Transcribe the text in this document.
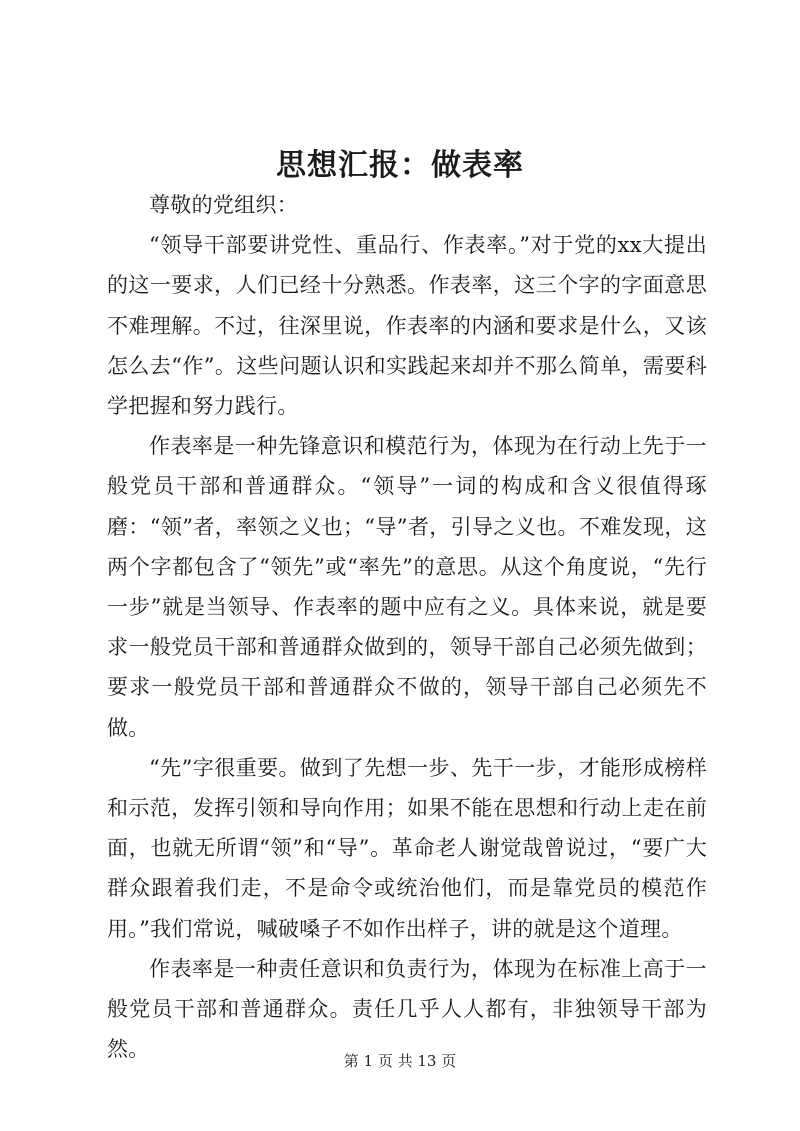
思想汇报：做表率

尊敬的党组织：

“领导干部要讲党性、重品行、作表率。”对于党的xx大提出的这一要求，人们已经十分熟悉。作表率，这三个字的字面意思不难理解。不过，往深里说，作表率的内涵和要求是什么，又该怎么去“作”。这些问题认识和实践起来却并不那么简单，需要科学把握和努力践行。

作表率是一种先锋意识和模范行为，体现为在行动上先于一般党员干部和普通群众。“领导”一词的构成和含义很值得琢磨：“领”者，率领之义也；“导”者，引导之义也。不难发现，这两个字都包含了“领先”或“率先”的意思。从这个角度说，“先行一步”就是当领导、作表率的题中应有之义。具体来说，就是要求一般党员干部和普通群众做到的，领导干部自己必须先做到；要求一般党员干部和普通群众不做的，领导干部自己必须先不做。

“先”字很重要。做到了先想一步、先干一步，才能形成榜样和示范，发挥引领和导向作用；如果不能在思想和行动上走在前面，也就无所谓“领”和“导”。革命老人谢觉哉曾说过，“要广大群众跟着我们走，不是命令或统治他们，而是靠党员的模范作用。”我们常说，喊破嗓子不如作出样子，讲的就是这个道理。

作表率是一种责任意识和负责行为，体现为在标准上高于一般党员干部和普通群众。责任几乎人人都有，非独领导干部为然。	第 1 页 共 13 页
